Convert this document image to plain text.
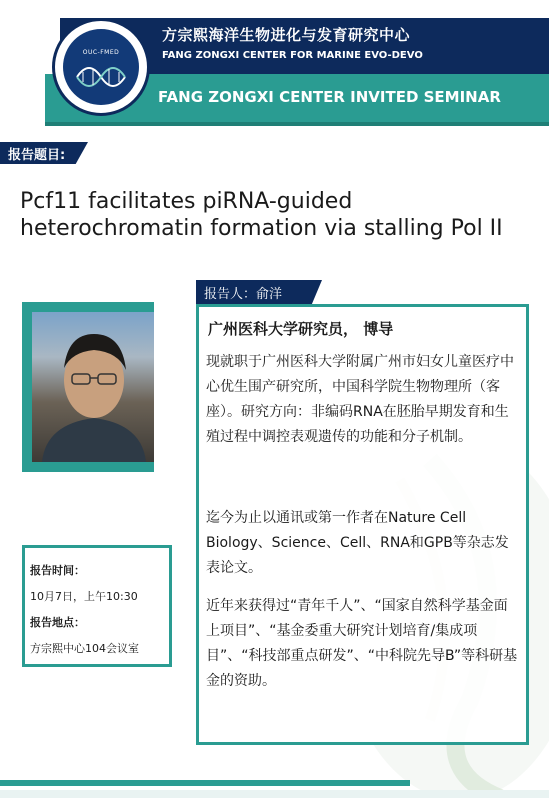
OUC-FMED
方宗熙海洋生物进化与发育研究中心
FANG ZONGXI CENTER FOR MARINE EVO-DEVO
FANG ZONGXI CENTER INVITED SEMINAR
报告题目:
Pcf11 facilitates piRNA-guided heterochromatin formation via stalling Pol II
报告人：俞洋
广州医科大学研究员， 博导
现就职于广州医科大学附属广州市妇女儿童医疗中心优生围产研究所，中国科学院生物物理所（客座）。研究方向：非编码RNA在胚胎早期发育和生殖过程中调控表观遗传的功能和分子机制。
迄今为止以通讯或第一作者在Nature Cell Biology、Science、Cell、RNA和GPB等杂志发表论文。
近年来获得过“青年千人”、“国家自然科学基金面上项目”、“基金委重大研究计划培育/集成项目”、“科技部重点研发”、“中科院先导B”等科研基金的资助。
报告时间：
10月7日，上午10:30
报告地点：
方宗熙中心104会议室
